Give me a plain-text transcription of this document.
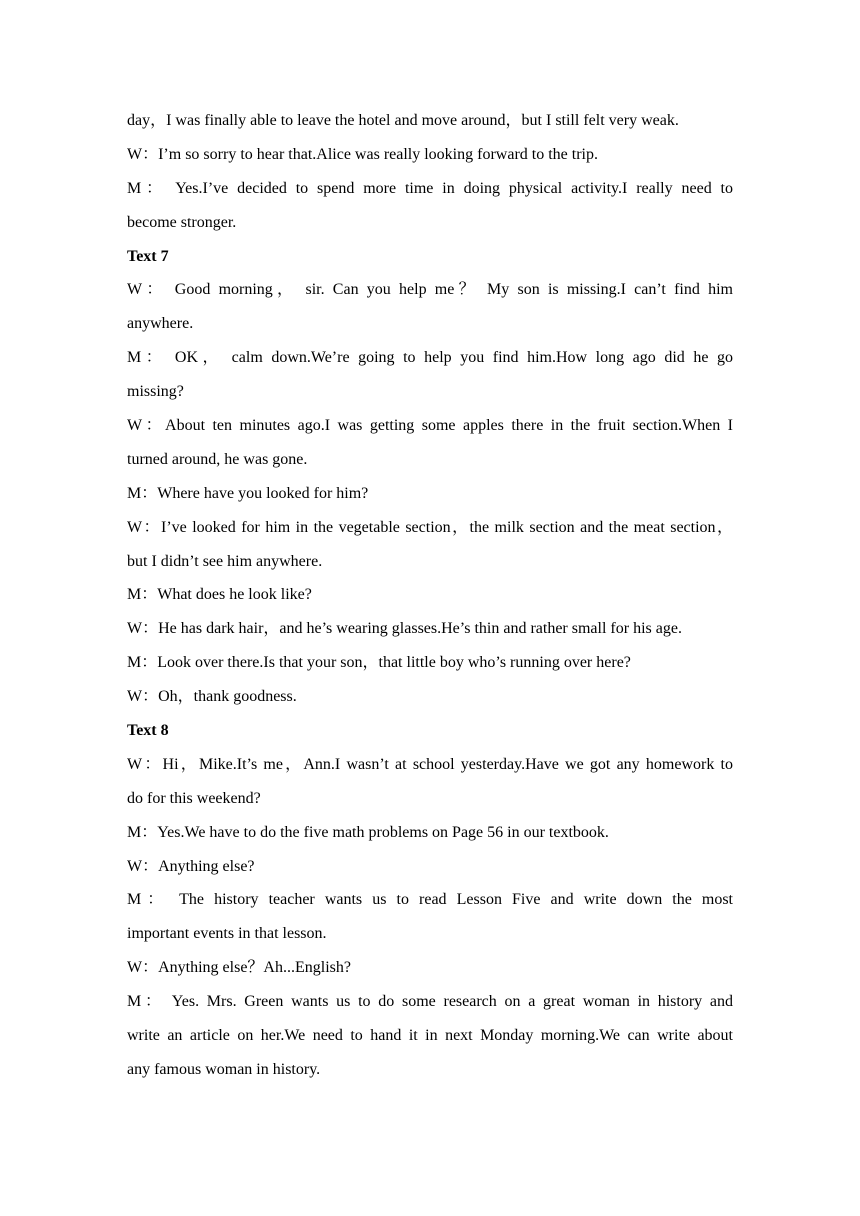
day，I was finally able to leave the hotel and move around，but I still felt very weak.
W：I’m so sorry to hear that.Alice was really looking forward to the trip.
M： Yes.I’ve decided to spend more time in doing physical activity.I really need to
become stronger.
Text 7
W： Good morning， sir. Can you help me？ My son is missing.I can’t find him
anywhere.
M： OK， calm down.We’re going to help you find him.How long ago did he go
missing?
W：About ten minutes ago.I was getting some apples there in the fruit section.When I
turned around, he was gone.
M：Where have you looked for him?
W：I’ve looked for him in the vegetable section，the milk section and the meat section，
but I didn’t see him anywhere.
M：What does he look like?
W：He has dark hair，and he’s wearing glasses.He’s thin and rather small for his age.
M：Look over there.Is that your son，that little boy who’s running over here?
W：Oh，thank goodness.
Text 8
W：Hi，Mike.It’s me，Ann.I wasn’t at school yesterday.Have we got any homework to
do for this weekend?
M：Yes.We have to do the five math problems on Page 56 in our textbook.
W：Anything else?
M： The history teacher wants us to read Lesson Five and write down the most
important events in that lesson.
W：Anything else？Ah...English?
M： Yes. Mrs. Green wants us to do some research on a great woman in history and
write an article on her.We need to hand it in next Monday morning.We can write about
any famous woman in history.
